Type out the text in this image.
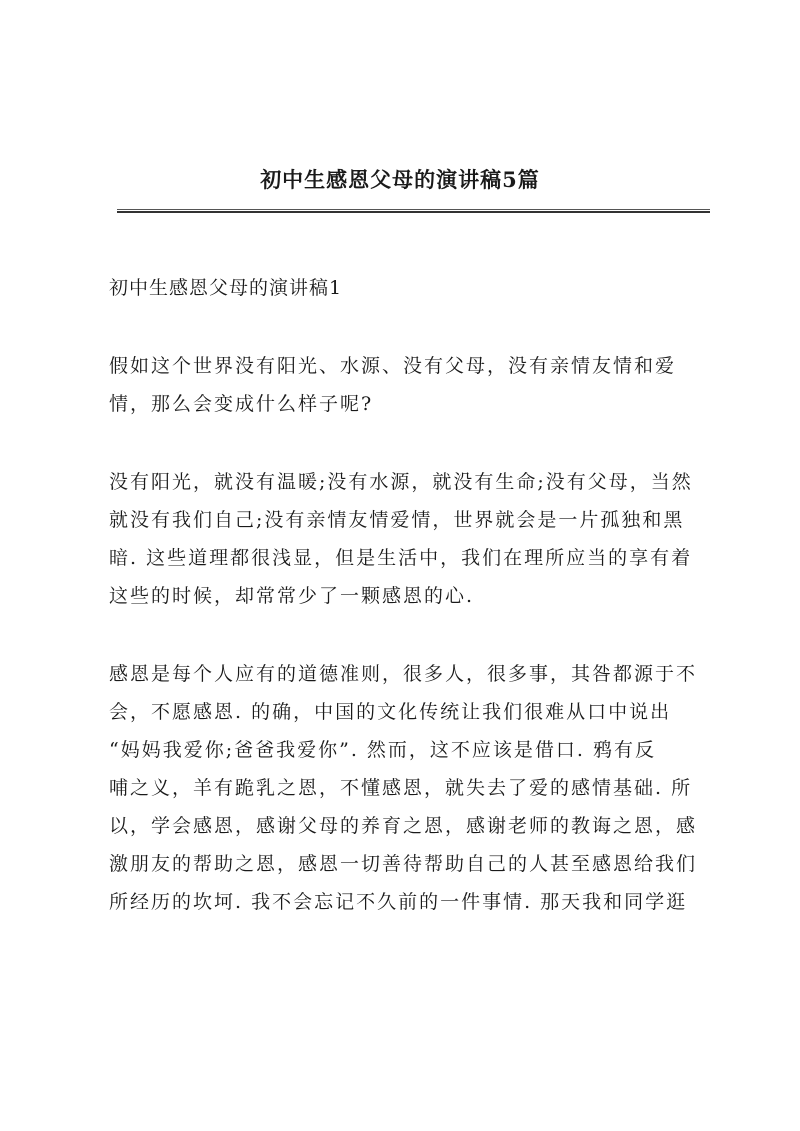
初中生感恩父母的演讲稿5篇

初中生感恩父母的演讲稿1

假如这个世界没有阳光、水源、没有父母，没有亲情友情和爱
情，那么会变成什么样子呢?

没有阳光，就没有温暖;没有水源，就没有生命;没有父母，当然
就没有我们自己;没有亲情友情爱情，世界就会是一片孤独和黑
暗. 这些道理都很浅显，但是生活中，我们在理所应当的享有着
这些的时候，却常常少了一颗感恩的心.

感恩是每个人应有的道德准则，很多人，很多事，其咎都源于不
会，不愿感恩. 的确，中国的文化传统让我们很难从口中说出
“妈妈我爱你;爸爸我爱你”. 然而，这不应该是借口. 鸦有反
哺之义，羊有跪乳之恩，不懂感恩，就失去了爱的感情基础. 所
以，学会感恩，感谢父母的养育之恩，感谢老师的教诲之恩，感
激朋友的帮助之恩，感恩一切善待帮助自己的人甚至感恩给我们
所经历的坎坷. 我不会忘记不久前的一件事情. 那天我和同学逛
